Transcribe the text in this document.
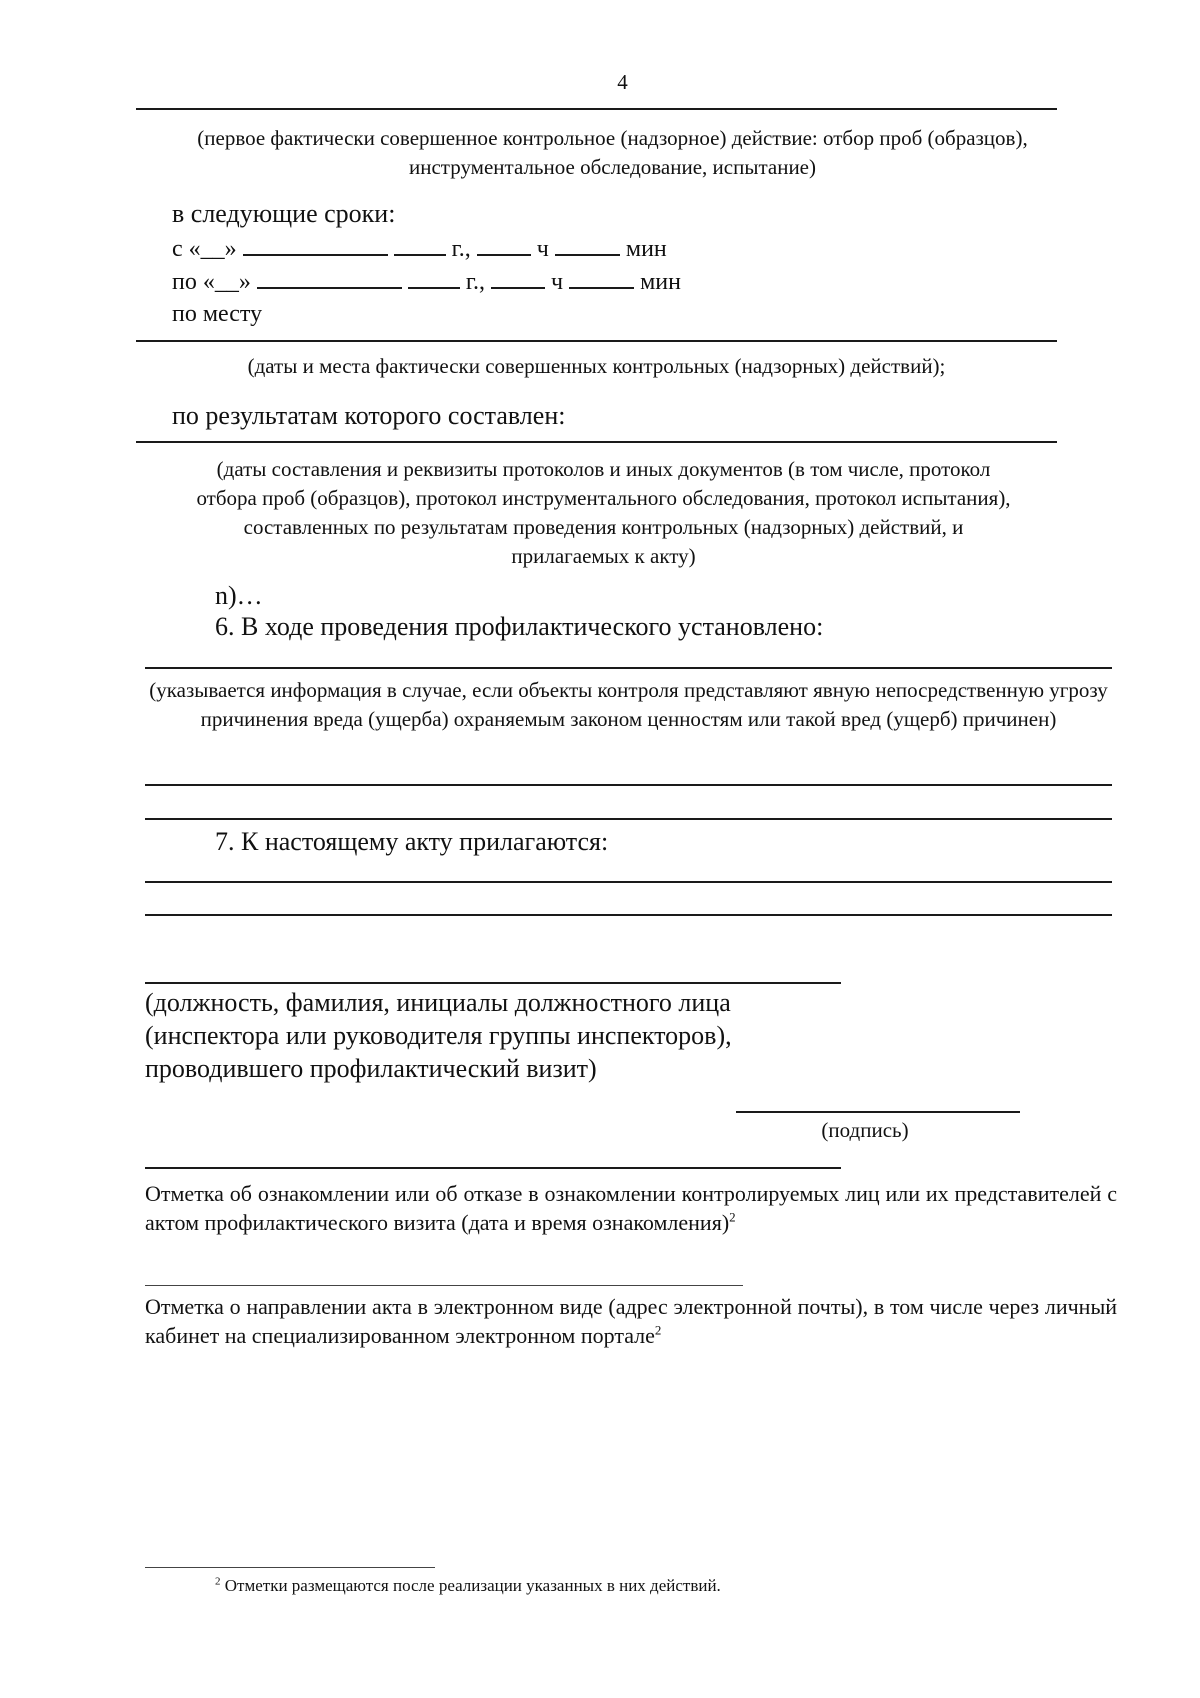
4
(первое фактически совершенное контрольное (надзорное) действие: отбор проб (образцов), инструментальное обследование, испытание)
в следующие сроки:
с «__»	г.,	ч	мин
по «__»	г.,	ч	мин
по месту
(даты и места фактически совершенных контрольных (надзорных) действий);
по результатам которого составлен:
(даты составления и реквизиты протоколов и иных документов (в том числе, протокол отбора проб (образцов), протокол инструментального обследования, протокол испытания), составленных по результатам проведения контрольных (надзорных) действий, и прилагаемых к акту)
n)…
6. В ходе проведения профилактического установлено:
(указывается информация в случае, если объекты контроля представляют явную непосредственную угрозу причинения вреда (ущерба) охраняемым законом ценностям или такой вред (ущерб) причинен)
7. К настоящему акту прилагаются:
(должность, фамилия, инициалы должностного лица (инспектора или руководителя группы инспекторов), проводившего профилактический визит)
(подпись)
Отметка об ознакомлении или об отказе в ознакомлении контролируемых лиц или их представителей с актом профилактического визита (дата и время ознакомления)$^2$
Отметка о направлении акта в электронном виде (адрес электронной почты), в том числе через личный кабинет на специализированном электронном портале$^2$
$^2$ Отметки размещаются после реализации указанных в них действий.
